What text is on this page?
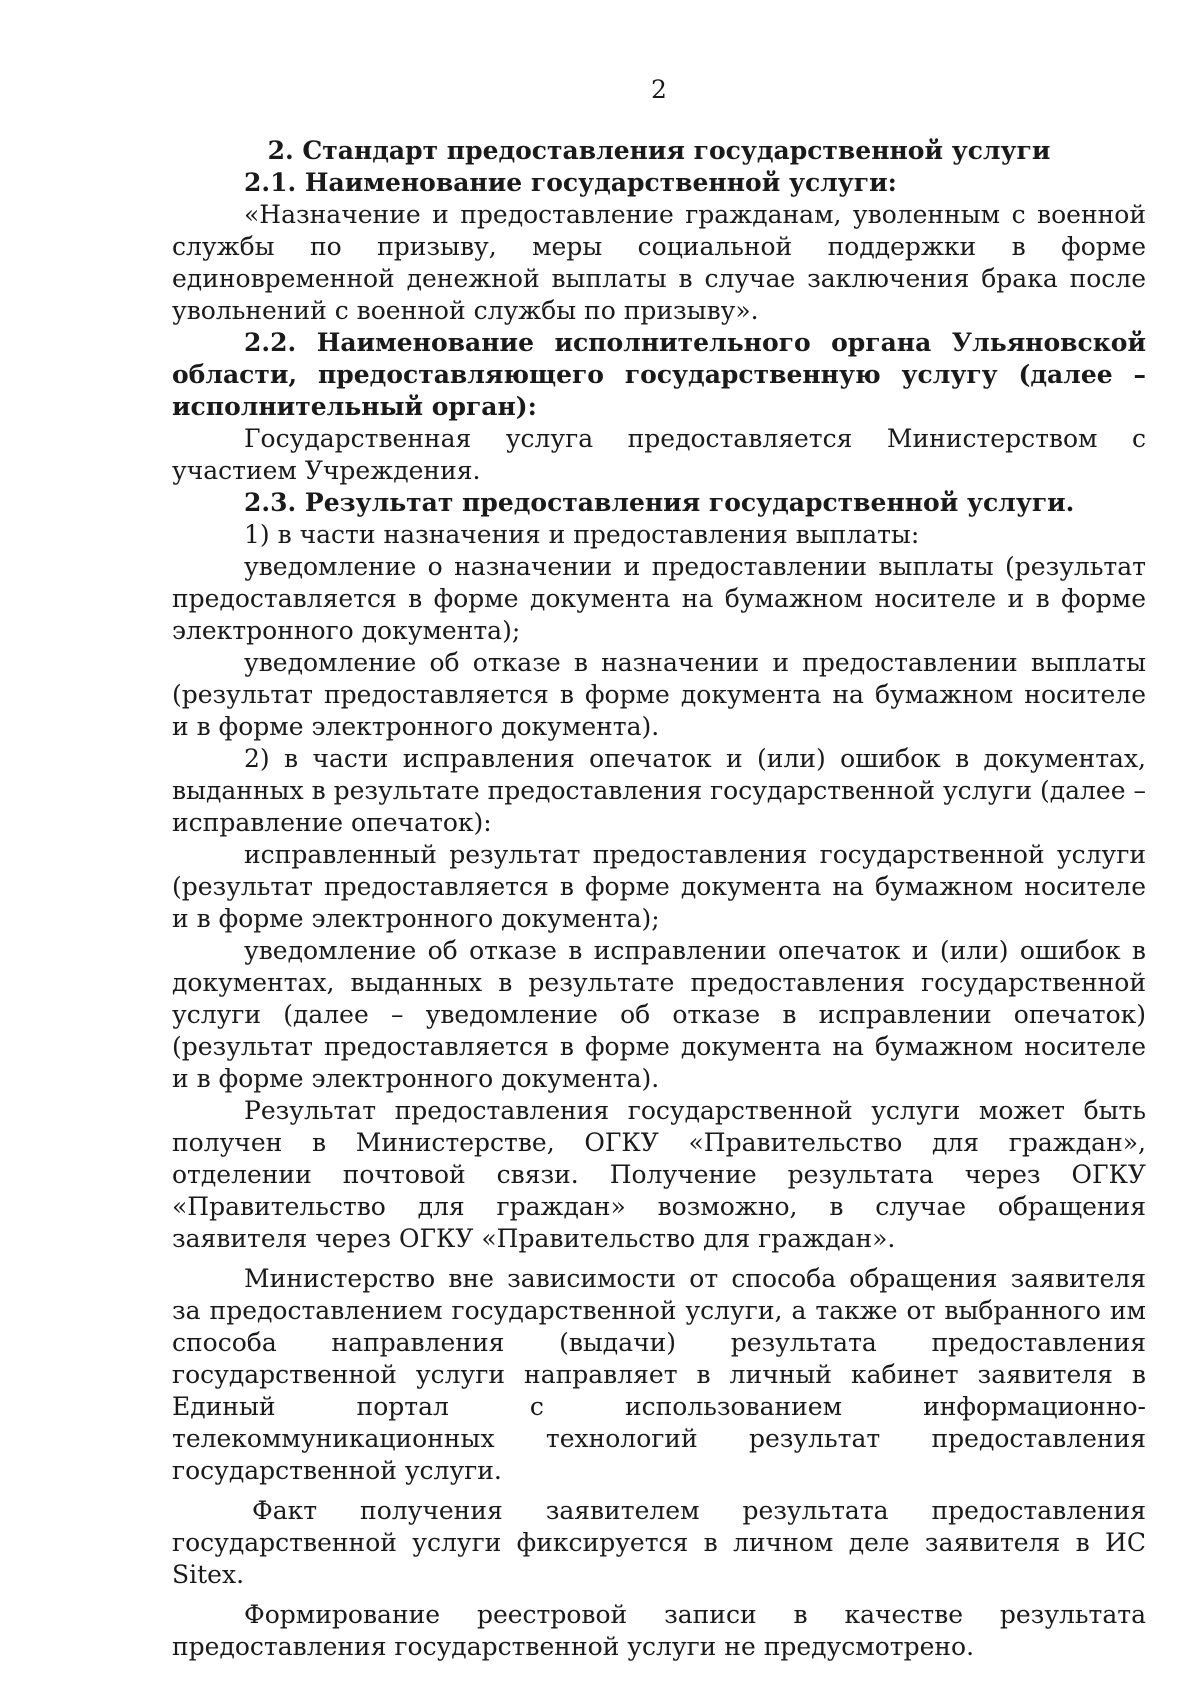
2

2. Стандарт предоставления государственной услуги

2.1. Наименование государственной услуги:

«Назначение и предоставление гражданам, уволенным с военной службы по призыву, меры социальной поддержки в форме единовременной денежной выплаты в случае заключения брака после увольнений с военной службы по призыву».

2.2. Наименование исполнительного органа Ульяновской области, предоставляющего государственную услугу (далее – исполнительный орган):

Государственная услуга предоставляется Министерством с участием Учреждения.

2.3. Результат предоставления государственной услуги.

1) в части назначения и предоставления выплаты:

уведомление о назначении и предоставлении выплаты (результат предоставляется в форме документа на бумажном носителе и в форме электронного документа);

уведомление об отказе в назначении и предоставлении выплаты (результат предоставляется в форме документа на бумажном носителе и в форме электронного документа).

2) в части исправления опечаток и (или) ошибок в документах, выданных в результате предоставления государственной услуги (далее – исправление опечаток):

исправленный результат предоставления государственной услуги (результат предоставляется в форме документа на бумажном носителе и в форме электронного документа);

уведомление об отказе в исправлении опечаток и (или) ошибок в документах, выданных в результате предоставления государственной услуги (далее – уведомление об отказе в исправлении опечаток) (результат предоставляется в форме документа на бумажном носителе и в форме электронного документа).

Результат предоставления государственной услуги может быть получен в Министерстве, ОГКУ «Правительство для граждан», отделении почтовой связи. Получение результата через ОГКУ «Правительство для граждан» возможно, в случае обращения заявителя через ОГКУ «Правительство для граждан».

Министерство вне зависимости от способа обращения заявителя за предоставлением государственной услуги, а также от выбранного им способа направления (выдачи) результата предоставления государственной услуги направляет в личный кабинет заявителя в Единый портал с использованием информационно-телекоммуникационных технологий результат предоставления государственной услуги.

Факт получения заявителем результата предоставления государственной услуги фиксируется в личном деле заявителя в ИС Sitex.

Формирование реестровой записи в качестве результата предоставления государственной услуги не предусмотрено.
